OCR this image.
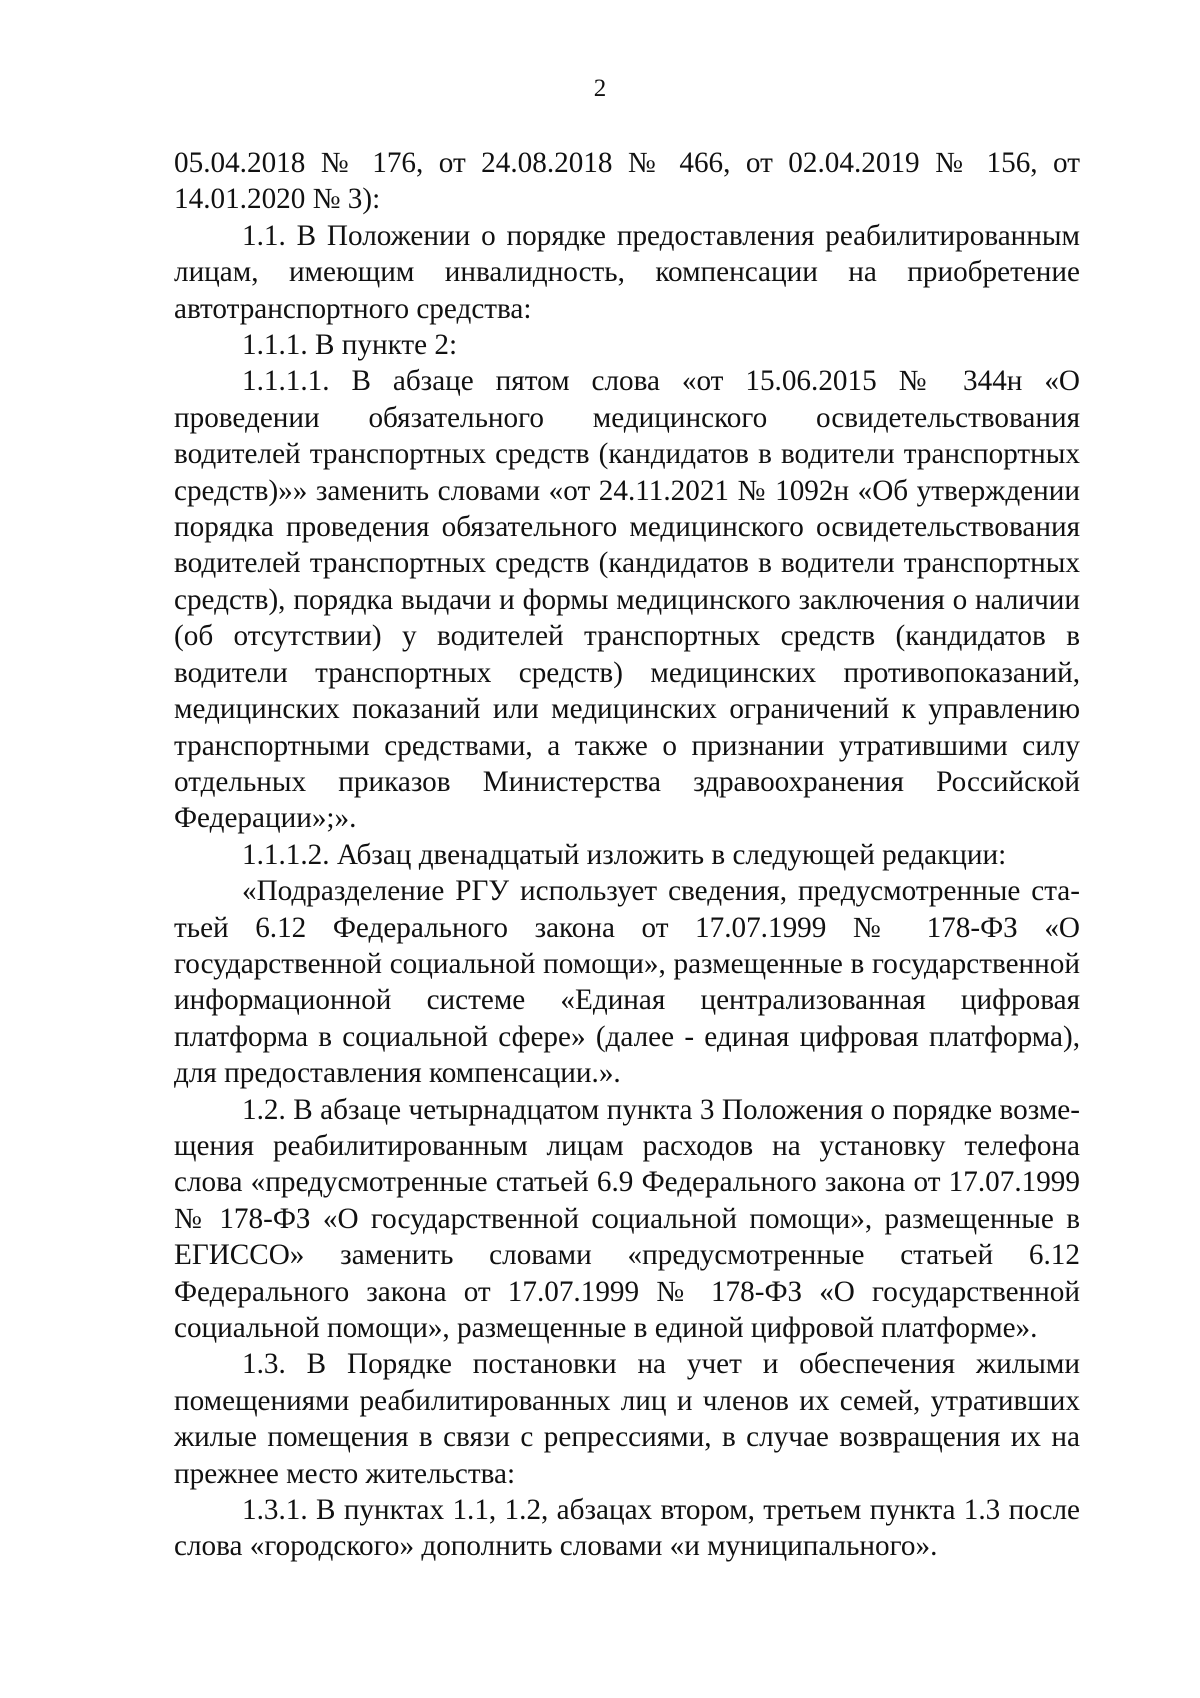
2

05.04.2018 № 176, от 24.08.2018 № 466, от 02.04.2019 № 156, от 14.01.2020 № 3):

1.1. В Положении о порядке предоставления реабилитированным лицам, имеющим инвалидность, компенсации на приобретение автотранспортного средства:

1.1.1. В пункте 2:

1.1.1.1. В абзаце пятом слова «от 15.06.2015 № 344н «О проведении обязательного медицинского освидетельствования водителей транспортных средств (кандидатов в водители транспортных средств)»» заменить словами «от 24.11.2021 № 1092н «Об утверждении порядка проведения обязательного медицинского освидетельствования водителей транспортных средств (кандидатов в водители транспортных средств), порядка выдачи и формы медицинского заключения о наличии (об отсутствии) у водителей транспортных средств (кандидатов в водители транспортных средств) медицинских противопоказаний, медицинских показаний или медицинских ограничений к управлению транспортными средствами, а также о признании утратившими силу отдельных приказов Министерства здравоохранения Российской Федерации»;».

1.1.1.2. Абзац двенадцатый изложить в следующей редакции:

«Подразделение РГУ использует сведения, предусмотренные статьей 6.12 Федерального закона от 17.07.1999 № 178-ФЗ «О государственной социальной помощи», размещенные в государственной информационной системе «Единая централизованная цифровая платформа в социальной сфере» (далее - единая цифровая платформа), для предоставления компенсации.».

1.2. В абзаце четырнадцатом пункта 3 Положения о порядке возмещения реабилитированным лицам расходов на установку телефона слова «предусмотренные статьей 6.9 Федерального закона от 17.07.1999 № 178-ФЗ «О государственной социальной помощи», размещенные в ЕГИССО» заменить словами «предусмотренные статьей 6.12 Федерального закона от 17.07.1999 № 178-ФЗ «О государственной социальной помощи», размещенные в единой цифровой платформе».

1.3. В Порядке постановки на учет и обеспечения жилыми помещениями реабилитированных лиц и членов их семей, утративших жилые помещения в связи с репрессиями, в случае возвращения их на прежнее место жительства:

1.3.1. В пунктах 1.1, 1.2, абзацах втором, третьем пункта 1.3 после слова «городского» дополнить словами «и муниципального».
